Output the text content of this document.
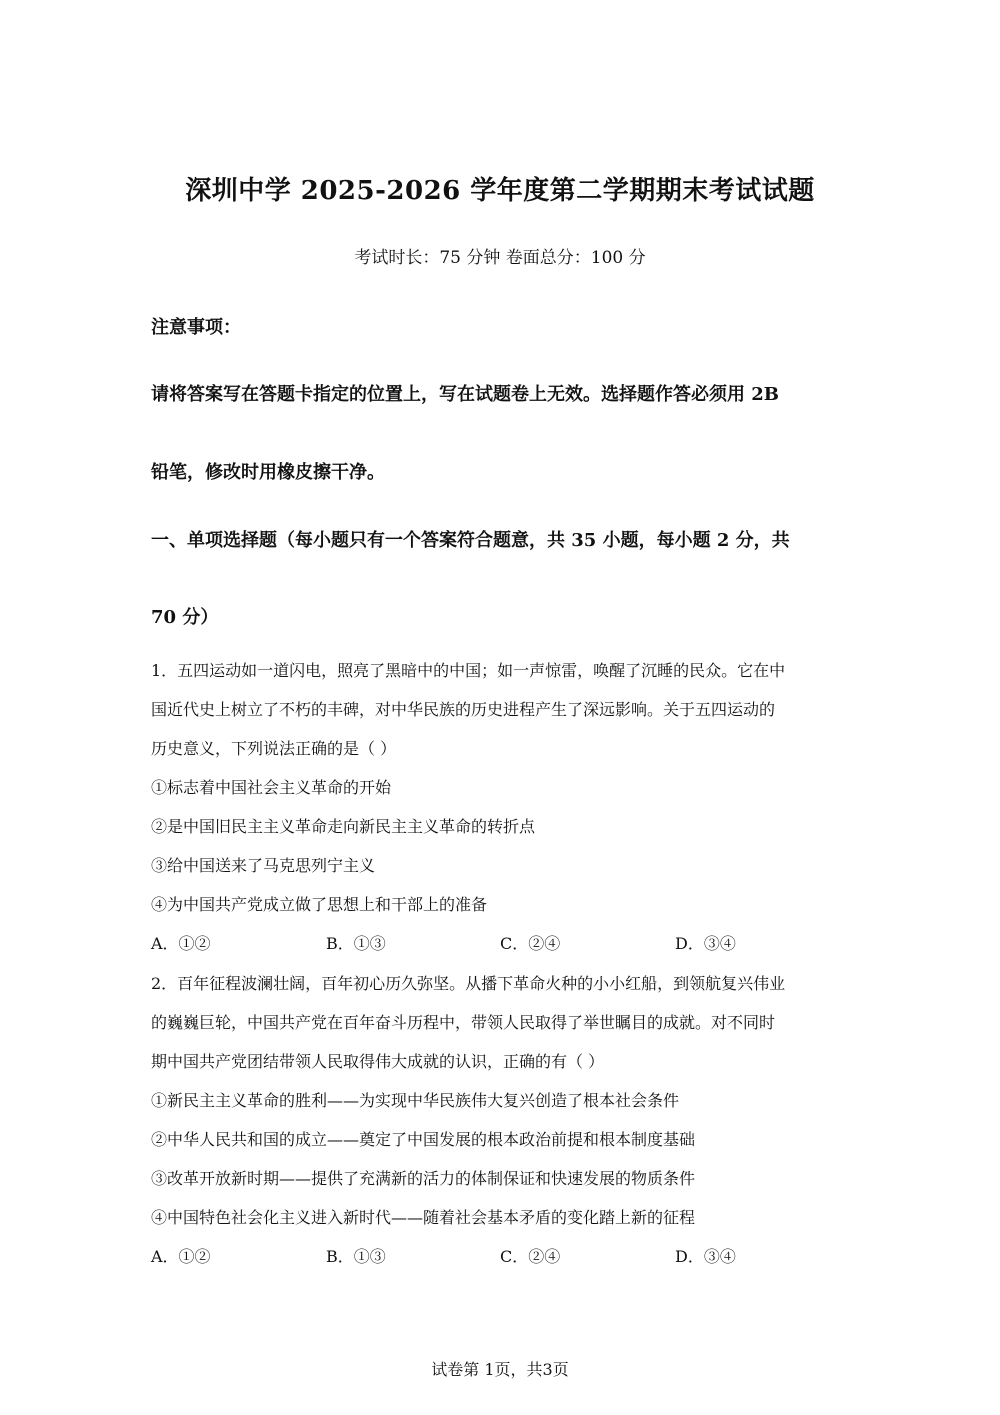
深圳中学 2025-2026 学年度第二学期期末考试试题
考试时长：75 分钟 卷面总分：100 分
注意事项：
请将答案写在答题卡指定的位置上，写在试题卷上无效。选择题作答必须用 2B
铅笔，修改时用橡皮擦干净。
一、单项选择题（每小题只有一个答案符合题意，共 35 小题，每小题 2 分，共
70 分）
1．五四运动如一道闪电，照亮了黑暗中的中国；如一声惊雷，唤醒了沉睡的民众。它在中
国近代史上树立了不朽的丰碑，对中华民族的历史进程产生了深远影响。关于五四运动的
历史意义，下列说法正确的是（ ）
①标志着中国社会主义革命的开始
②是中国旧民主主义革命走向新民主主义革命的转折点
③给中国送来了马克思列宁主义
④为中国共产党成立做了思想上和干部上的准备
A．①②	B．①③	C．②④	D．③④
2．百年征程波澜壮阔，百年初心历久弥坚。从播下革命火种的小小红船，到领航复兴伟业
的巍巍巨轮，中国共产党在百年奋斗历程中，带领人民取得了举世瞩目的成就。对不同时
期中国共产党团结带领人民取得伟大成就的认识，正确的有（ ）
①新民主主义革命的胜利——为实现中华民族伟大复兴创造了根本社会条件
②中华人民共和国的成立——奠定了中国发展的根本政治前提和根本制度基础
③改革开放新时期——提供了充满新的活力的体制保证和快速发展的物质条件
④中国特色社会化主义进入新时代——随着社会基本矛盾的变化踏上新的征程
A．①②	B．①③	C．②④	D．③④
试卷第 1页，共3页
